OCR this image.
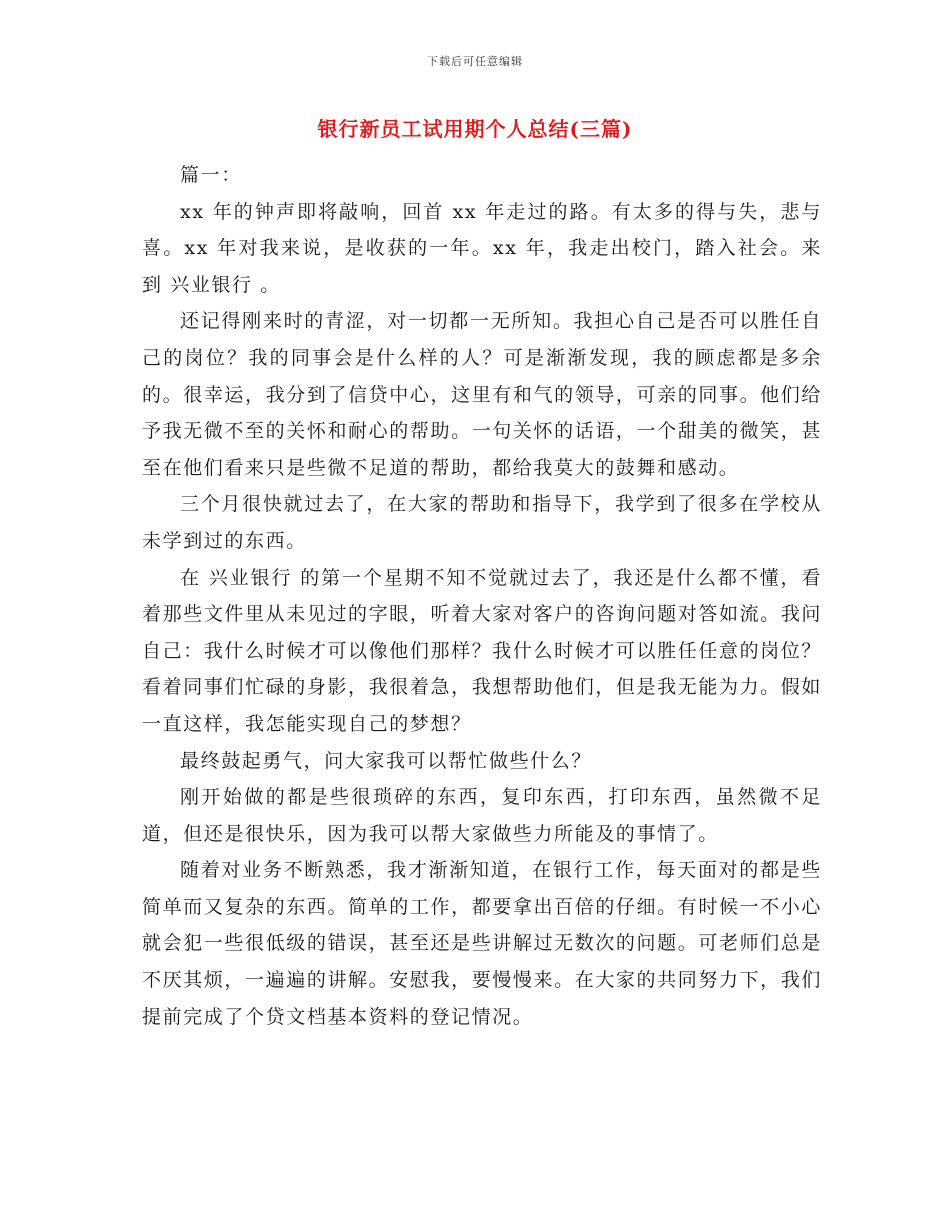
下载后可任意编辑
银行新员工试用期个人总结(三篇)

篇一：

xx 年的钟声即将敲响，回首 xx 年走过的路。有太多的得与失，悲与喜。xx 年对我来说，是收获的一年。xx 年，我走出校门，踏入社会。来到 兴业银行 。

还记得刚来时的青涩，对一切都一无所知。我担心自己是否可以胜任自己的岗位？我的同事会是什么样的人？可是渐渐发现，我的顾虑都是多余的。很幸运，我分到了信贷中心，这里有和气的领导，可亲的同事。他们给予我无微不至的关怀和耐心的帮助。一句关怀的话语，一个甜美的微笑，甚至在他们看来只是些微不足道的帮助，都给我莫大的鼓舞和感动。

三个月很快就过去了，在大家的帮助和指导下，我学到了很多在学校从未学到过的东西。

在 兴业银行 的第一个星期不知不觉就过去了，我还是什么都不懂，看着那些文件里从未见过的字眼，听着大家对客户的咨询问题对答如流。我问自己：我什么时候才可以像他们那样？我什么时候才可以胜任任意的岗位？看着同事们忙碌的身影，我很着急，我想帮助他们，但是我无能为力。假如一直这样，我怎能实现自己的梦想？

最终鼓起勇气，问大家我可以帮忙做些什么？

刚开始做的都是些很琐碎的东西，复印东西，打印东西，虽然微不足道，但还是很快乐，因为我可以帮大家做些力所能及的事情了。

随着对业务不断熟悉，我才渐渐知道，在银行工作，每天面对的都是些简单而又复杂的东西。简单的工作，都要拿出百倍的仔细。有时候一不小心就会犯一些很低级的错误，甚至还是些讲解过无数次的问题。可老师们总是不厌其烦，一遍遍的讲解。安慰我，要慢慢来。在大家的共同努力下，我们提前完成了个贷文档基本资料的登记情况。
